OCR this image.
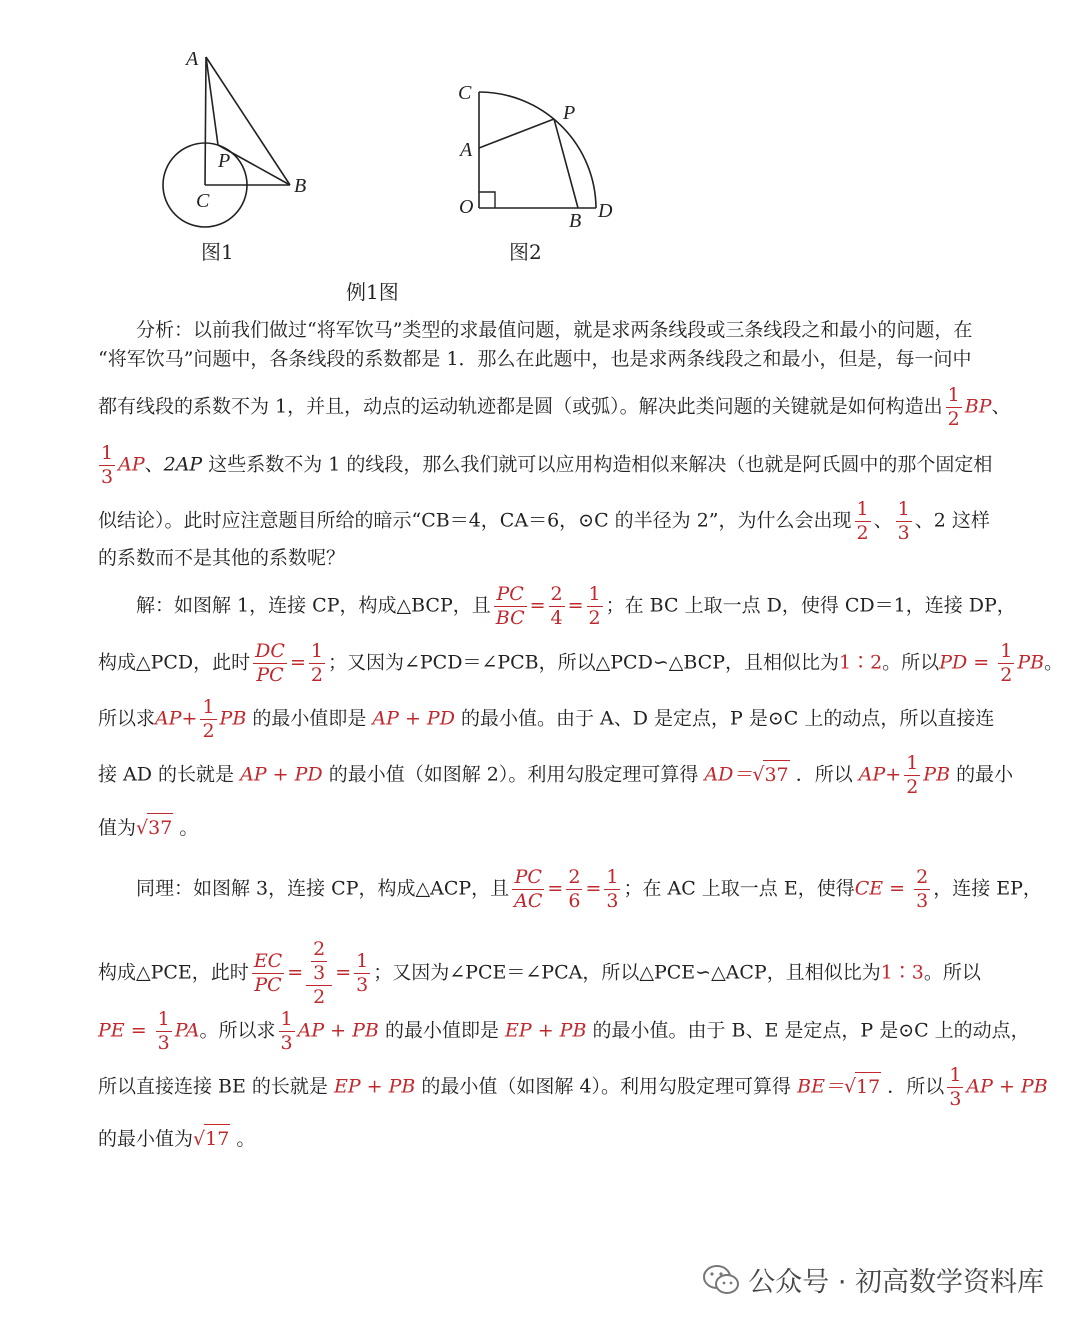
A
P
B
C
图1
C
A
P
O
B D
图2
例1图
分析：以前我们做过“将军饮马”类型的求最值问题，就是求两条线段或三条线段之和最小的问题，在
“将军饮马”问题中，各条线段的系数都是 1．那么在此题中，也是求两条线段之和最小，但是，每一问中
都有线段的系数不为 1，并且，动点的运动轨迹都是圆（或弧）。解决此类问题的关键就是如何构造出 $\frac{1}{2}$ BP、
$\frac{1}{3}$ AP、2AP 这些系数不为 1 的线段，那么我们就可以应用构造相似来解决（也就是阿氏圆中的那个固定相
似结论）。此时应注意题目所给的暗示“CB＝4，CA＝6，⊙C 的半径为 2”，为什么会出现 $\frac{1}{2}$ 、 $\frac{1}{3}$ 、2 这样
的系数而不是其他的系数呢？
解：如图解 1，连接 CP，构成△BCP，且 $\frac{PC}{BC} = \frac{2}{4} = \frac{1}{2}$ ；在 BC 上取一点 D，使得 CD＝1，连接 DP，
构成△PCD，此时 $\frac{DC}{PC} = \frac{1}{2}$ ；又因为∠PCD＝∠PCB，所以△PCD∽△BCP，且相似比为1∶2。所以PD = $\frac{1}{2}$ PB。
所以求$AP+ \frac{1}{2}$ PB 的最小值即是 AP + PD 的最小值。由于 A、D 是定点，P 是⊙C 上的动点，所以直接连
接 AD 的长就是 AP + PD 的最小值（如图解 2）。利用勾股定理可算得 AD＝√37 ．所以 $AP+ \frac{1}{2}$ PB 的最小
值为√37 。
同理：如图解 3，连接 CP，构成△ACP，且 $\frac{PC}{AC} = \frac{2}{6} = \frac{1}{3}$ ；在 AC 上取一点 E，使得CE = $\frac{2}{3}$ ，连接 EP，
构成△PCE，此时 $\frac{EC}{PC} = \frac{\frac{2}{3}}{2} = \frac{1}{3}$ ；又因为∠PCE＝∠PCA，所以△PCE∽△ACP，且相似比为1∶3。所以
PE = $\frac{1}{3}$ PA。所以求 $\frac{1}{3}$ AP + PB 的最小值即是 EP + PB 的最小值。由于 B、E 是定点，P 是⊙C 上的动点，
所以直接连接 BE 的长就是 EP + PB 的最小值（如图解 4）。利用勾股定理可算得 BE＝√17 ．所以 $\frac{1}{3}$ AP + PB
的最小值为√17 。
公众号 · 初高数学资料库
